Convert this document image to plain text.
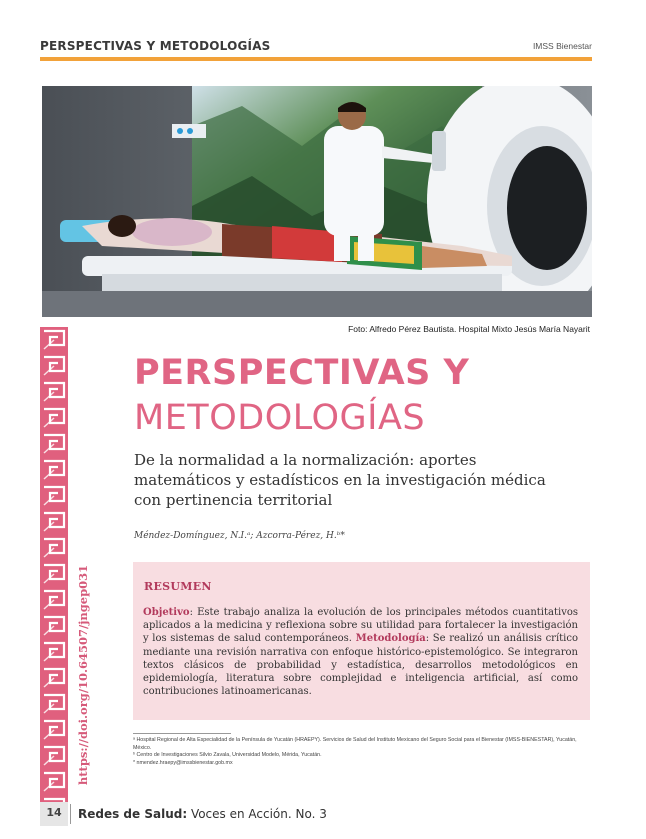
PERSPECTIVAS Y METODOLOGÍAS	IMSS Bienestar
Foto: Alfredo Pérez Bautista. Hospital Mixto Jesús María Nayarit
https://doi.org/10.64507/jngep031
PERSPECTIVAS Y
METODOLOGÍAS
De la normalidad a la normalización: aportes matemáticos y estadísticos en la investigación médica con pertinencia territorial
Méndez-Domínguez, N.I.ᵃ; Azcorra-Pérez, H.ᵇ*
RESUMEN
Objetivo: Este trabajo analiza la evolución de los principales métodos cuantitativos aplicados a la medicina y reflexiona sobre su utilidad para fortalecer la investigación y los sistemas de salud contemporáneos. Metodología: Se realizó un análisis crítico mediante una revisión narrativa con enfoque histórico-epistemológico. Se integraron textos clásicos de probabilidad y estadística, desarrollos metodológicos en epidemiología, literatura sobre complejidad e inteligencia artificial, así como contribuciones latinoamericanas.
ᵃ Hospital Regional de Alta Especialidad de la Península de Yucatán (HRAEPY). Servicios de Salud del Instituto Mexicano del Seguro Social para el Bienestar (IMSS-BIENESTAR), Yucatán, México.
ᵇ Centro de Investigaciones Silvio Zavala, Universidad Modelo, Mérida, Yucatán.
* nmendez.hraepy@imssbienestar.gob.mx
14	Redes de Salud: Voces en Acción. No. 3
